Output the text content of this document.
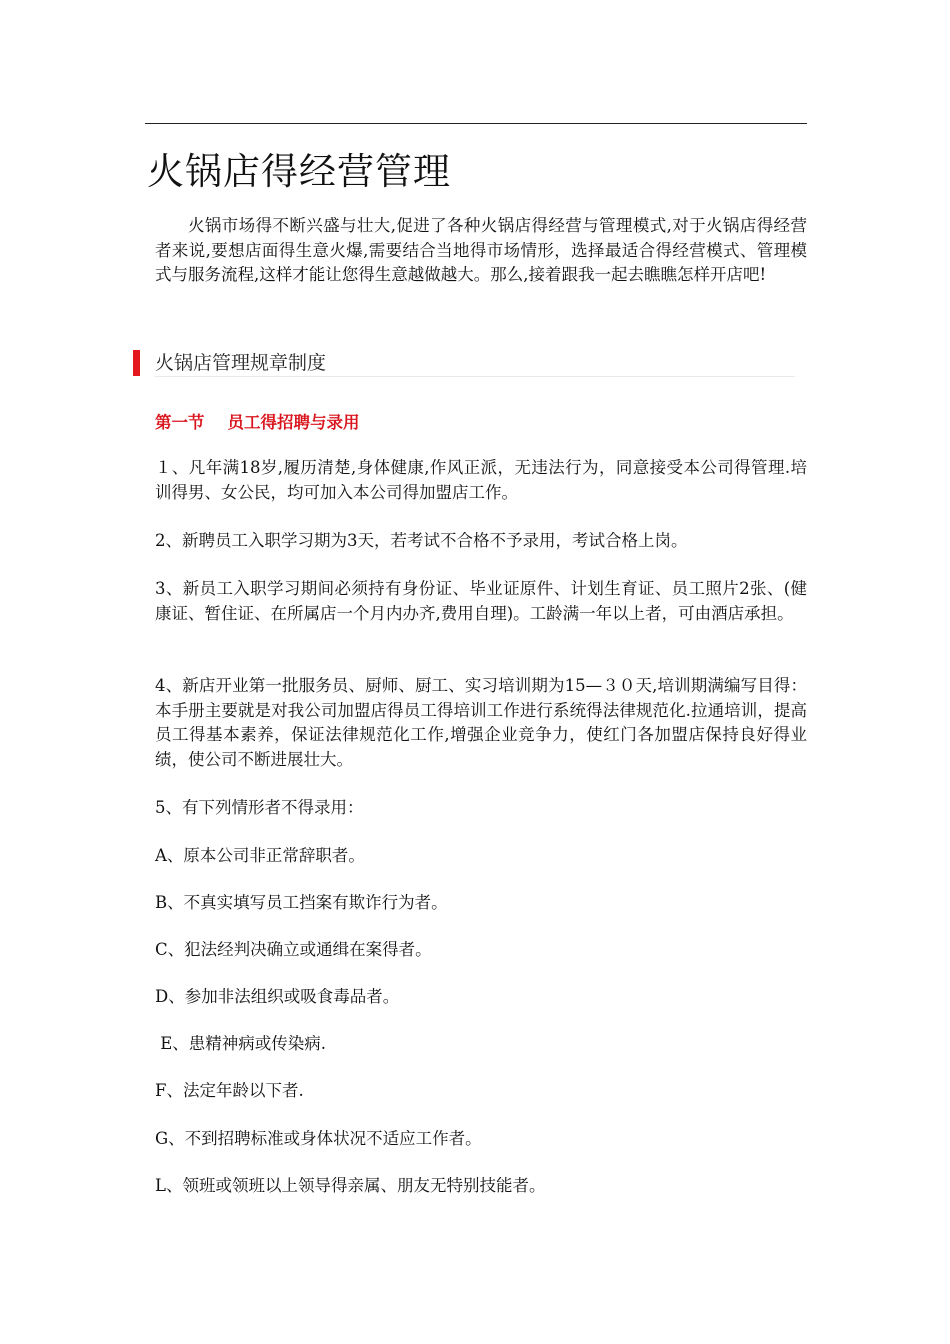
火锅店得经营管理

火锅市场得不断兴盛与壮大,促进了各种火锅店得经营与管理模式,对于火锅店得经营者来说,要想店面得生意火爆,需要结合当地得市场情形，选择最适合得经营模式、管理模式与服务流程,这样才能让您得生意越做越大。那么,接着跟我一起去瞧瞧怎样开店吧!

火锅店管理规章制度
第一节    员工得招聘与录用

１、凡年满18岁,履历清楚,身体健康,作风正派，无违法行为，同意接受本公司得管理.培训得男、女公民，均可加入本公司得加盟店工作。

2、新聘员工入职学习期为3天，若考试不合格不予录用，考试合格上岗。

3、新员工入职学习期间必须持有身份证、毕业证原件、计划生育证、员工照片2张、(健康证、暂住证、在所属店一个月内办齐,费用自理)。工龄满一年以上者，可由酒店承担。

4、新店开业第一批服务员、厨师、厨工、实习培训期为15—３０天,培训期满编写目得：本手册主要就是对我公司加盟店得员工得培训工作进行系统得法律规范化.拉通培训，提高员工得基本素养，保证法律规范化工作,增强企业竞争力，使红门各加盟店保持良好得业绩，使公司不断进展壮大。

5、有下列情形者不得录用：

A、原本公司非正常辞职者。

B、不真实填写员工挡案有欺诈行为者。

C、犯法经判决确立或通缉在案得者。

D、参加非法组织或吸食毒品者。

E、患精神病或传染病.

F、法定年龄以下者.

G、不到招聘标准或身体状况不适应工作者。

L、领班或领班以上领导得亲属、朋友无特别技能者。
